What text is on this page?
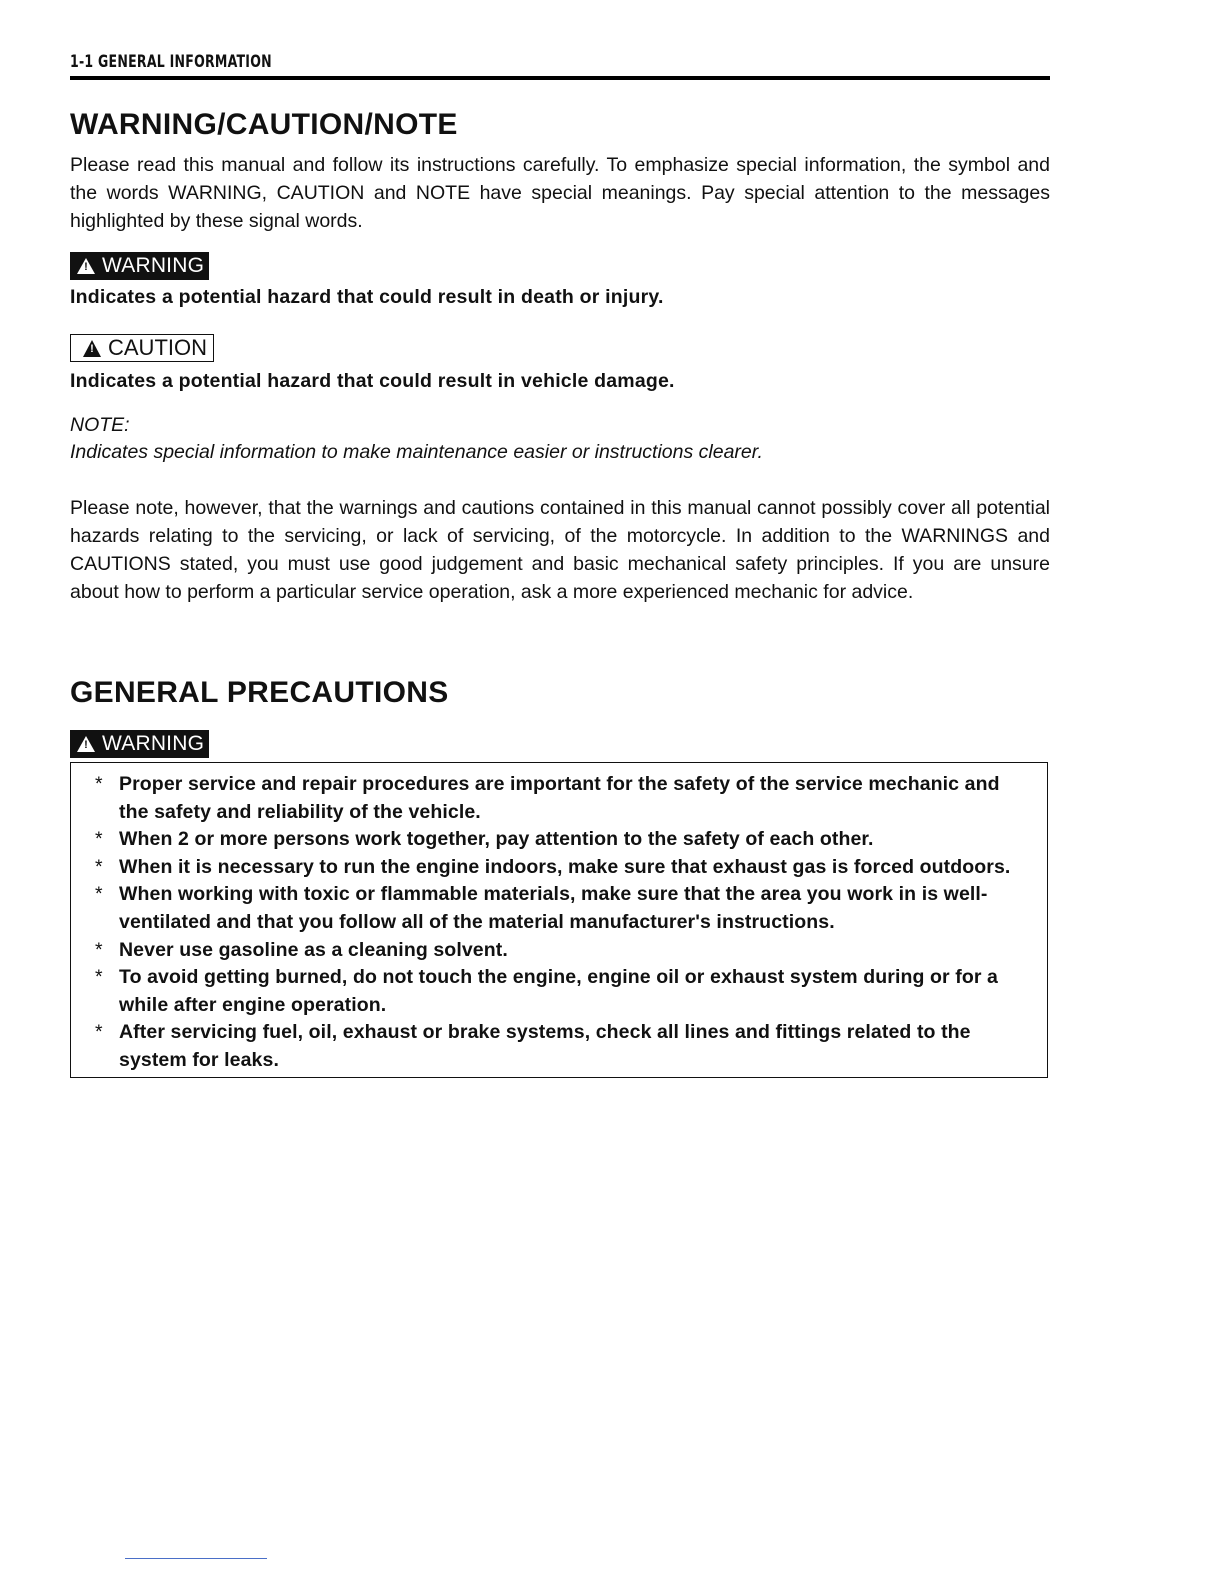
1-1 GENERAL INFORMATION
WARNING/CAUTION/NOTE

Please read this manual and follow its instructions carefully. To emphasize special information, the symbol and the words WARNING, CAUTION and NOTE have special meanings. Pay special attention to the messages highlighted by these signal words.

! WARNING

Indicates a potential hazard that could result in death or injury.

! CAUTION

Indicates a potential hazard that could result in vehicle damage.

NOTE:

Indicates special information to make maintenance easier or instructions clearer.

Please note, however, that the warnings and cautions contained in this manual cannot possibly cover all potential hazards relating to the servicing, or lack of servicing, of the motorcycle. In addition to the WARNINGS and CAUTIONS stated, you must use good judgement and basic mechanical safety principles. If you are unsure about how to perform a particular service operation, ask a more experienced mechanic for advice.

GENERAL PRECAUTIONS
! WARNING
* Proper service and repair procedures are important for the safety of the service mechanic and the safety and reliability of the vehicle.
* When 2 or more persons work together, pay attention to the safety of each other.
* When it is necessary to run the engine indoors, make sure that exhaust gas is forced outdoors.
* When working with toxic or flammable materials, make sure that the area you work in is well-ventilated and that you follow all of the material manufacturer's instructions.
* Never use gasoline as a cleaning solvent.
* To avoid getting burned, do not touch the engine, engine oil or exhaust system during or for a while after engine operation.
* After servicing fuel, oil, exhaust or brake systems, check all lines and fittings related to the system for leaks.
